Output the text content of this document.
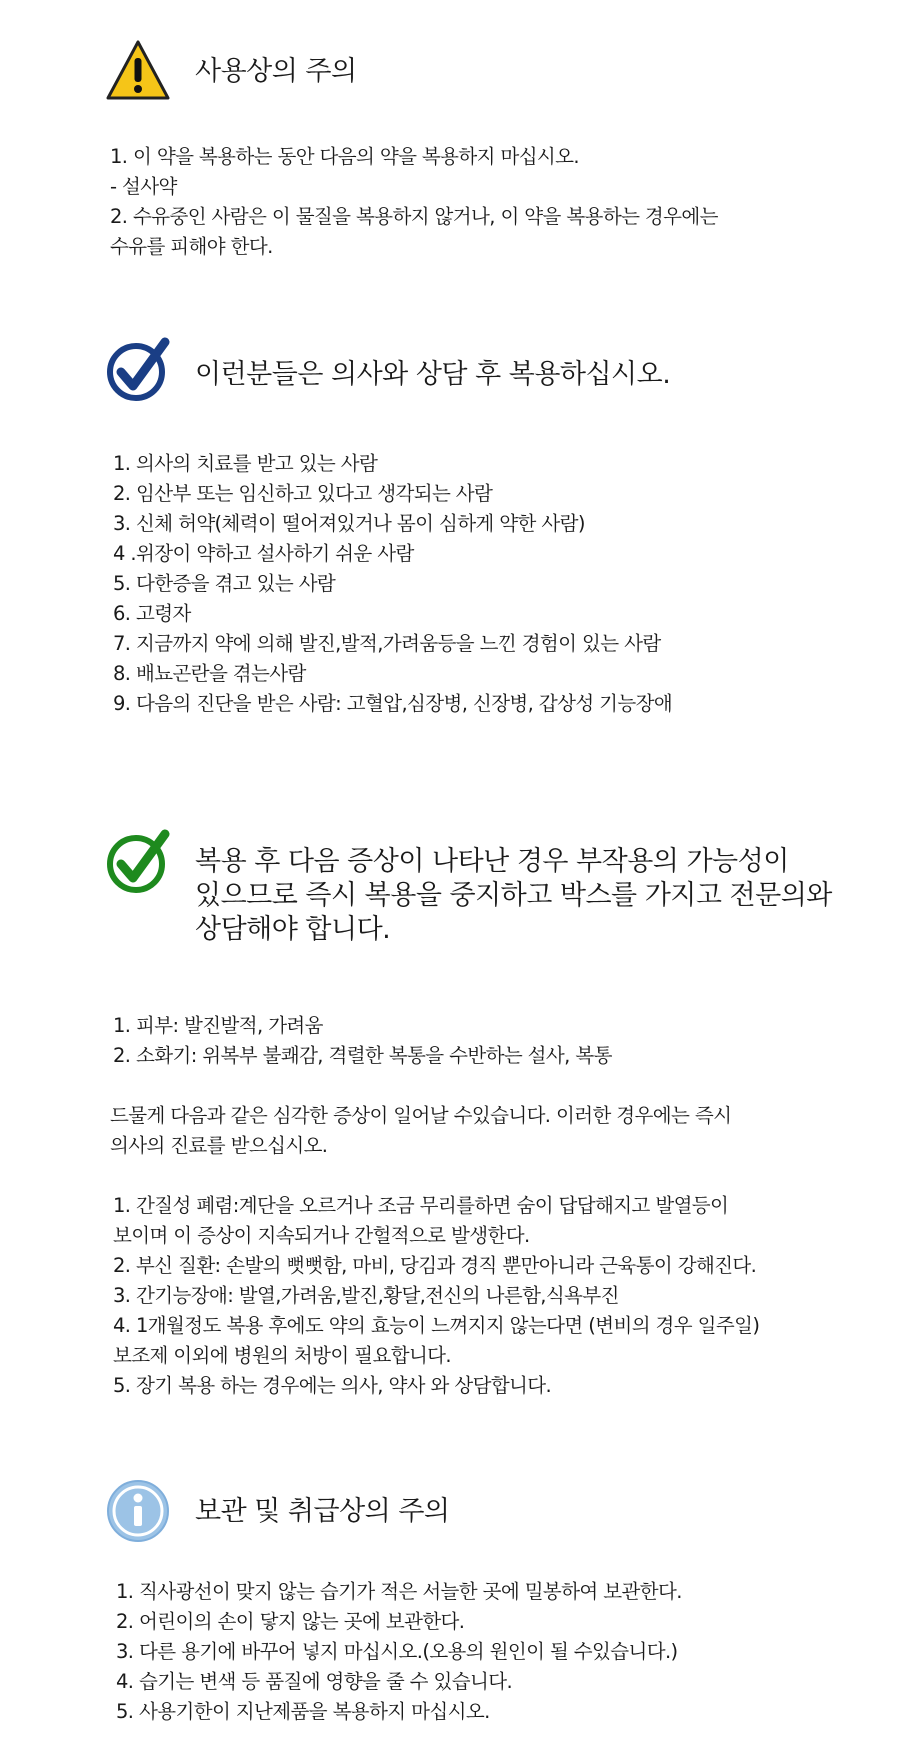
사용상의 주의
1. 이 약을 복용하는 동안 다음의 약을 복용하지 마십시오.
- 설사약
2. 수유중인 사람은 이 물질을 복용하지 않거나, 이 약을 복용하는 경우에는
수유를 피해야 한다.
이런분들은 의사와 상담 후 복용하십시오.
1. 의사의 치료를 받고 있는 사람
2. 임산부 또는 임신하고 있다고 생각되는 사람
3. 신체 허약(체력이 떨어져있거나 몸이 심하게 약한 사람)
4 .위장이 약하고 설사하기 쉬운 사람
5. 다한증을 겪고 있는 사람
6. 고령자
7. 지금까지 약에 의해 발진,발적,가려움등을 느낀 경험이 있는 사람
8. 배뇨곤란을 겪는사람
9. 다음의 진단을 받은 사람: 고혈압,심장병, 신장병, 갑상성 기능장애
복용 후 다음 증상이 나타난 경우 부작용의 가능성이
있으므로 즉시 복용을 중지하고 박스를 가지고 전문의와
상담해야 합니다.
1. 피부: 발진발적, 가려움
2. 소화기: 위복부 불쾌감, 격렬한 복통을 수반하는 설사, 복통
드물게 다음과 같은 심각한 증상이 일어날 수있습니다. 이러한 경우에는 즉시
의사의 진료를 받으십시오.
1. 간질성 폐렴:계단을 오르거나 조금 무리를하면 숨이 답답해지고 발열등이
보이며 이 증상이 지속되거나 간헐적으로 발생한다.
2. 부신 질환: 손발의 뻣뻣함, 마비, 당김과 경직 뿐만아니라 근육통이 강해진다.
3. 간기능장애: 발열,가려움,발진,황달,전신의 나른함,식욕부진
4. 1개월정도 복용 후에도 약의 효능이 느껴지지 않는다면 (변비의 경우 일주일)
보조제 이외에 병원의 처방이 필요합니다.
5. 장기 복용 하는 경우에는 의사, 약사 와 상담합니다.
보관 및 취급상의 주의
1. 직사광선이 맞지 않는 습기가 적은 서늘한 곳에 밀봉하여 보관한다.
2. 어린이의 손이 닿지 않는 곳에 보관한다.
3. 다른 용기에 바꾸어 넣지 마십시오.(오용의 원인이 될 수있습니다.)
4. 습기는 변색 등 품질에 영향을 줄 수 있습니다.
5. 사용기한이 지난제품을 복용하지 마십시오.
